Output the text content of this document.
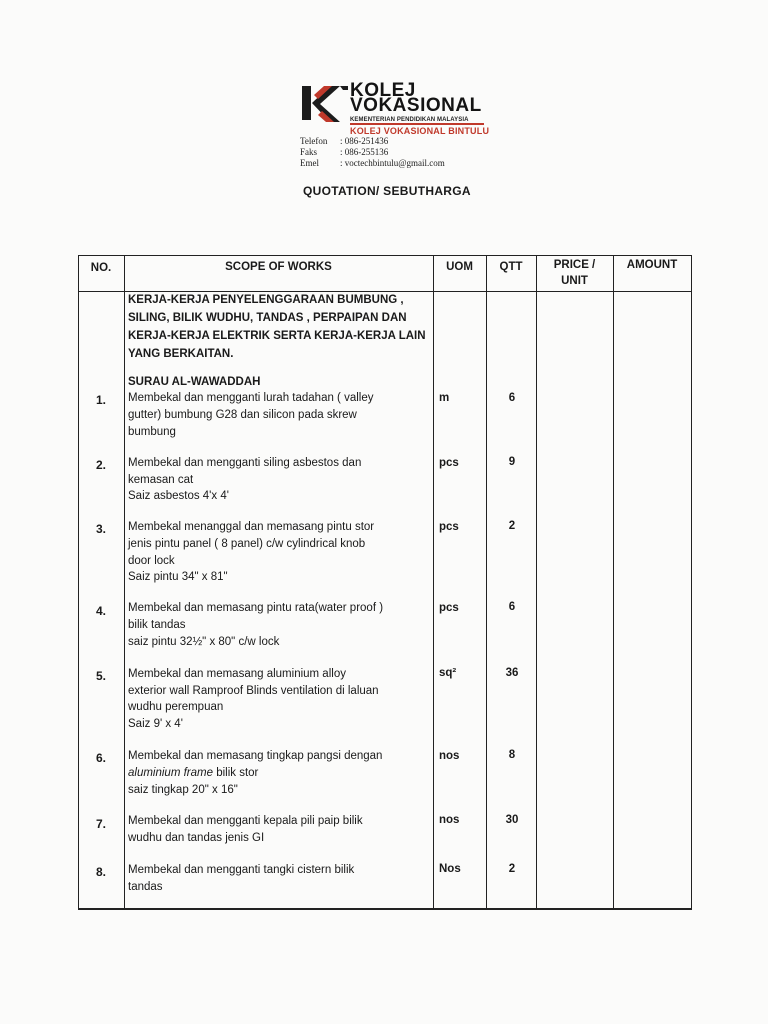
KOLEJ
VOKASIONAL
KEMENTERIAN PENDIDIKAN MALAYSIA
KOLEJ VOKASIONAL BINTULU
Telefon : 086-251436
Faks	: 086-255136
Emel : voctechbintulu@gmail.com
QUOTATION/ SEBUTHARGA
NO.	SCOPE OF WORKS	UOM	QTT	PRICE /
UNIT
AMOUNT
KERJA-KERJA PENYELENGGARAAN BUMBUNG ,
SILING, BILIK WUDHU, TANDAS , PERPAIPAN DAN
KERJA-KERJA ELEKTRIK SERTA KERJA-KERJA LAIN
YANG BERKAITAN.
SURAU AL-WAWADDAH
1.	Membekal dan mengganti lurah tadahan ( valley
gutter) bumbung G28 dan silicon pada skrew
bumbung
m	6
2.	Membekal dan mengganti siling asbestos dan
kemasan cat
Saiz asbestos 4'x 4'
pcs	9
3.	Membekal menanggal dan memasang pintu stor
jenis pintu panel ( 8 panel) c/w cylindrical knob
door lock
Saiz pintu 34" x 81"
pcs	2
4.	Membekal dan memasang pintu rata(water proof )
bilik tandas
saiz pintu 32½" x 80" c/w lock
pcs	6
5.	Membekal dan memasang aluminium alloy
exterior wall Ramproof Blinds ventilation di laluan
wudhu perempuan
Saiz 9' x 4'
sq²	36
6.	Membekal dan memasang tingkap pangsi dengan
aluminium frame bilik stor
saiz tingkap 20" x 16"
nos	8
7.	Membekal dan mengganti kepala pili paip bilik
wudhu dan tandas jenis GI
nos	30
8.	Membekal dan mengganti tangki cistern bilik
tandas
Nos	2
